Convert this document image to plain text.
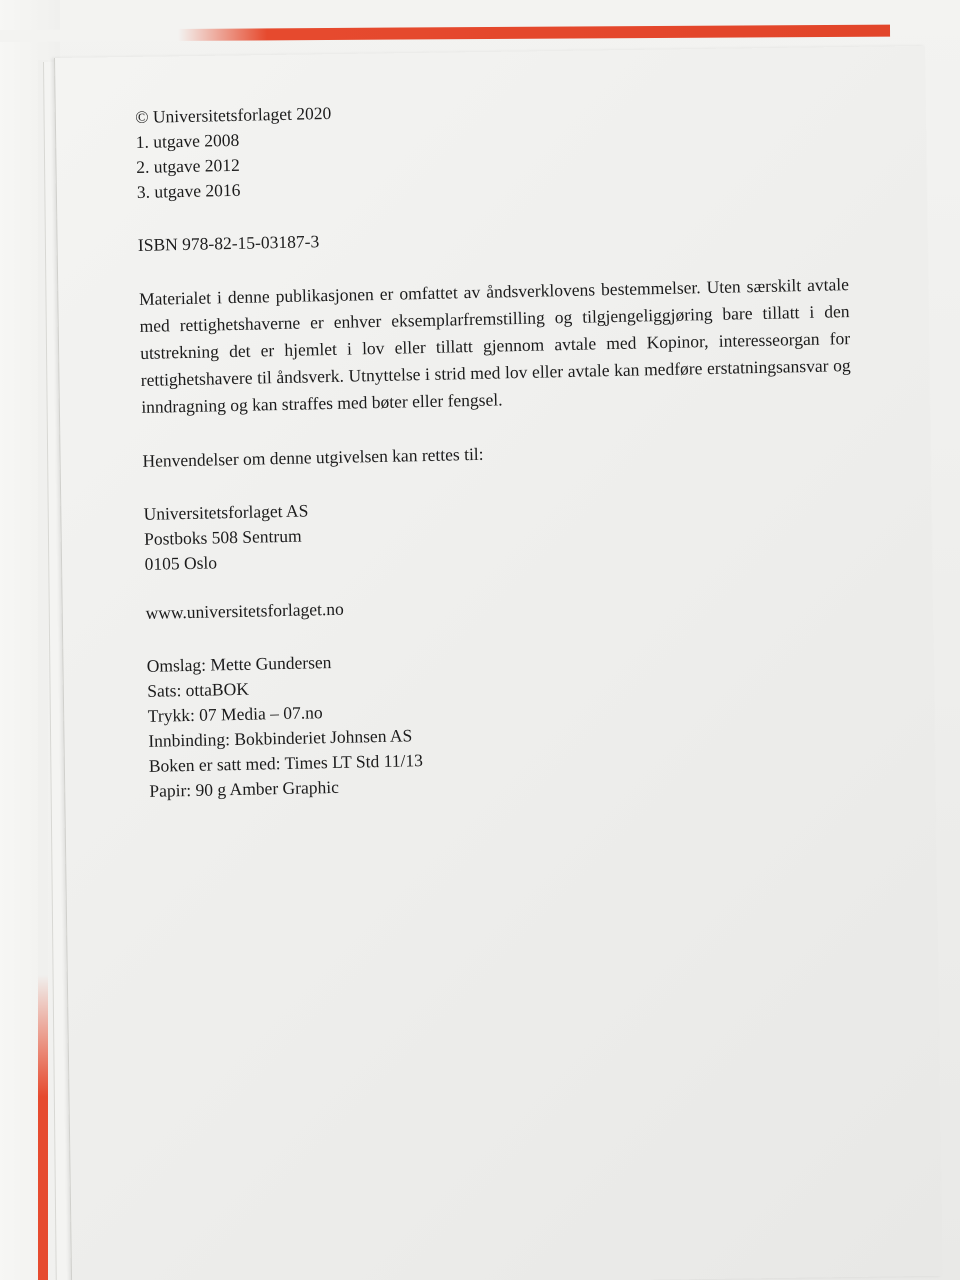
© Universitetsforlaget 2020

1. utgave 2008

2. utgave 2012

3. utgave 2016

ISBN 978-82-15-03187-3

Materialet i denne publikasjonen er omfattet av åndsverklovens bestemmelser. Uten særskilt avtale med rettighetshaverne er enhver eksemplarfremstilling og tilgjengeliggjøring bare tillatt i den utstrekning det er hjemlet i lov eller tillatt gjennom avtale med Kopinor, interesseorgan for rettighetshavere til åndsverk. Utnyttelse i strid med lov eller avtale kan medføre erstatningsansvar og inndragning og kan straffes med bøter eller fengsel.

Henvendelser om denne utgivelsen kan rettes til:

Universitetsforlaget AS

Postboks 508 Sentrum

0105 Oslo

www.universitetsforlaget.no

Omslag: Mette Gundersen

Sats: ottaBOK

Trykk: 07 Media – 07.no

Innbinding: Bokbinderiet Johnsen AS

Boken er satt med: Times LT Std 11/13

Papir: 90 g Amber Graphic
